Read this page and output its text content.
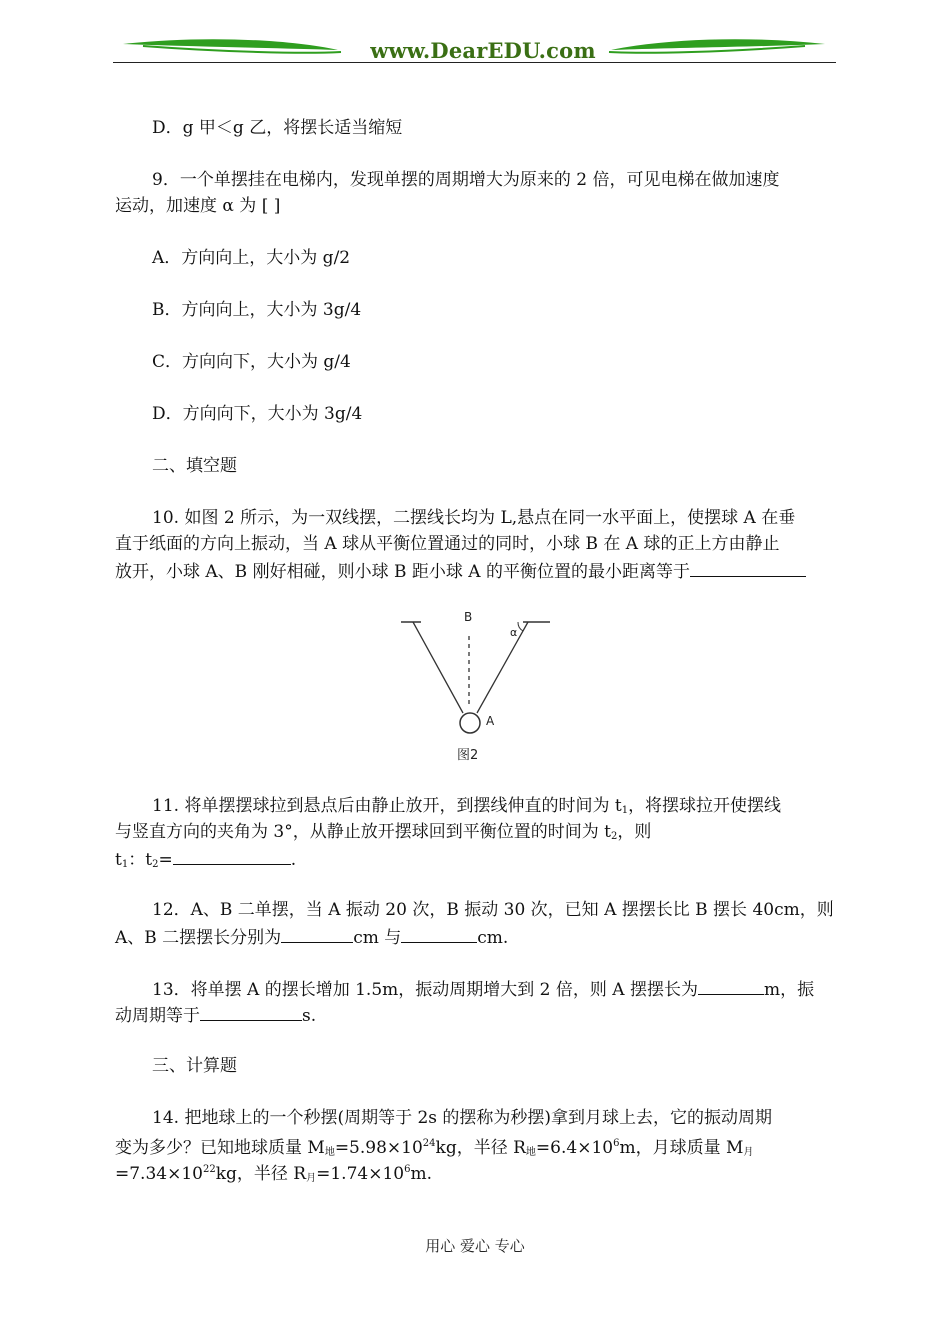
www.DearEDU.com
D．g 甲＜g 乙，将摆长适当缩短
9．一个单摆挂在电梯内，发现单摆的周期增大为原来的 2 倍，可见电梯在做加速度
运动，加速度 α 为 [ ]
A．方向向上，大小为 g/2
B．方向向上，大小为 3g/4
C．方向向下，大小为 g/4
D．方向向下，大小为 3g/4
二、填空题
10. 如图 2 所示，为一双线摆，二摆线长均为 L,悬点在同一水平面上，使摆球 A 在垂
直于纸面的方向上振动，当 A 球从平衡位置通过的同时，小球 B 在 A 球的正上方由静止
放开，小球 A、B 刚好相碰，则小球 B 距小球 A 的平衡位置的最小距离等于
B
A
α
图2
11. 将单摆摆球拉到悬点后由静止放开，到摆线伸直的时间为 $t_1$，将摆球拉开使摆线
与竖直方向的夹角为 3°，从静止放开摆球回到平衡位置的时间为 $t_2$，则
$t_1$：$t_2=$	.
12．A、B 二单摆，当 A 振动 20 次，B 振动 30 次，已知 A 摆摆长比 B 摆长 40cm，则
A、B 二摆摆长分别为	cm 与	cm.
13．将单摆 A 的摆长增加 1.5m，振动周期增大到 2 倍，则 A 摆摆长为	m，振
动周期等于	s.
三、计算题
14. 把地球上的一个秒摆(周期等于 2s 的摆称为秒摆)拿到月球上去，它的振动周期
变为多少？已知地球质量 $M_地=5.98\times 10^{24}kg$，半径 $R_地=6.4\times 10^6m$，月球质量 $M_月$
$=7.34\times 10^{22}kg$，半径 $R_月=1.74\times 10^6m$.
用心 爱心 专心
